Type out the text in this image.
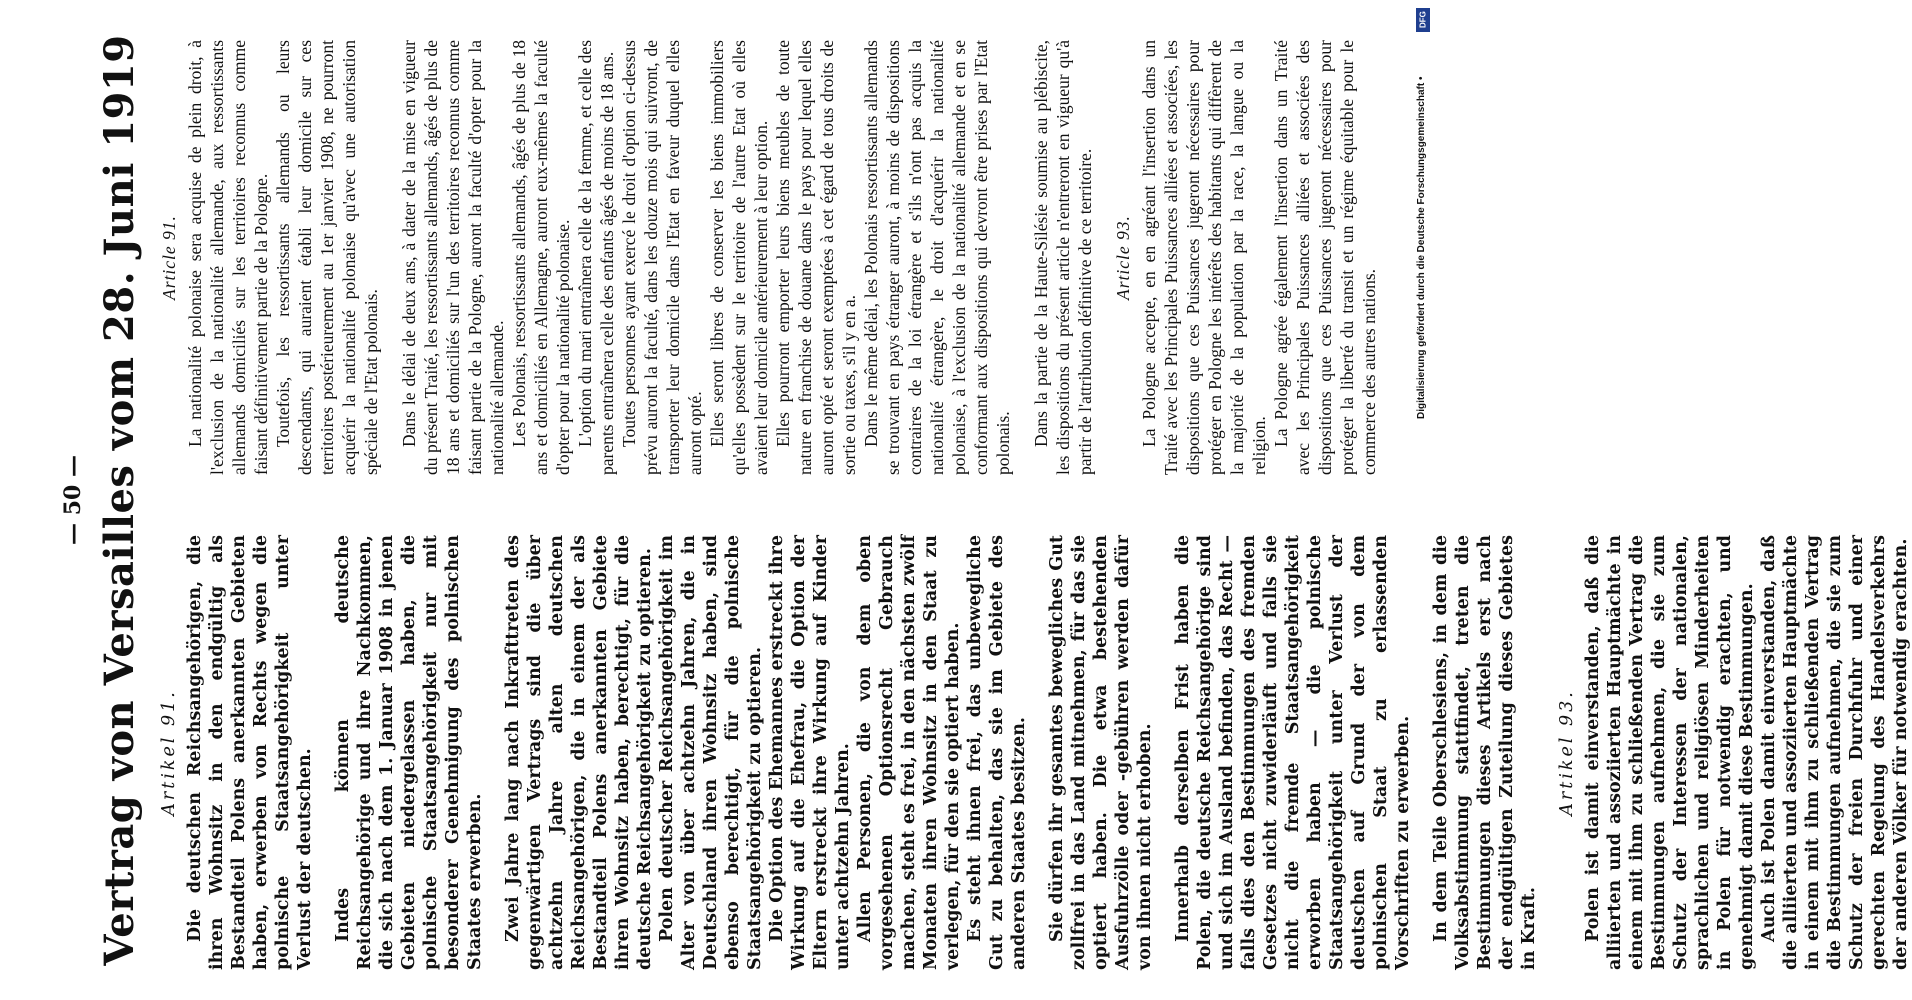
— 50 — Vertrag von Versailles vom 28. Juni 1919 Artikel 91. Die deutschen Reichsangehörigen, die ihren Wohnsitz in den endgültig als Bestandteil Polens anerkannten Gebieten haben, erwerben von Rechts wegen die polnische Staatsangehörigkeit unter Verlust der deutschen. Indes können deutsche Reichsangehörige und ihre Nachkommen, die sich nach dem 1. Januar 1908 in jenen Gebieten niedergelassen haben, die polnische Staatsangehörigkeit nur mit besonderer Genehmigung des polnischen Staates erwerben. Zwei Jahre lang nach Inkrafttreten des gegenwärtigen Vertrags sind die über achtzehn Jahre alten deutschen Reichsangehörigen, die in einem der als Bestandteil Polens anerkannten Gebiete ihren Wohnsitz haben, berechtigt, für die deutsche Reichsangehörigkeit zu optieren. Polen deutscher Reichsangehörigkeit im Alter von über achtzehn Jahren, die in Deutschland ihren Wohnsitz haben, sind ebenso berechtigt, für die polnische Staatsangehörigkeit zu optieren. Die Option des Ehemannes erstreckt ihre Wirkung auf die Ehefrau, die Option der Eltern erstreckt ihre Wirkung auf Kinder unter achtzehn Jahren. Allen Personen, die von dem oben vorgesehenen Optionsrecht Gebrauch machen, steht es frei, in den nächsten zwölf Monaten ihren Wohnsitz in den Staat zu verlegen, für den sie optiert haben. Es steht ihnen frei, das unbewegliche Gut zu behalten, das sie im Gebiete des anderen Staates besitzen. Sie dürfen ihr gesamtes bewegliches Gut zollfrei in das Land mitnehmen, für das sie optiert haben. Die etwa bestehenden Ausfuhrzölle oder -gebühren werden dafür von ihnen nicht erhoben. Innerhalb derselben Frist haben die Polen, die deutsche Reichsangehörige sind und sich im Ausland befinden, das Recht — falls dies den Bestimmungen des fremden Gesetzes nicht zuwiderläuft und falls sie nicht die fremde Staatsangehörigkeit erworben haben — die polnische Staatsangehörigkeit unter Verlust der deutschen auf Grund der von dem polnischen Staat zu erlassenden Vorschriften zu erwerben. In dem Teile Oberschlesiens, in dem die Volksabstimmung stattfindet, treten die Bestimmungen dieses Artikels erst nach der endgültigen Zuteilung dieses Gebietes in Kraft.

Artikel 93. Polen ist damit einverstanden, daß die alliierten und assoziierten Hauptmächte in einem mit ihm zu schließenden Vertrag die Bestimmungen aufnehmen, die sie zum Schutz der Interessen der nationalen, sprachlichen und religiösen Minderheiten in Polen für notwendig erachten, und genehmigt damit diese Bestimmungen. Auch ist Polen damit einverstanden, daß die alliierten und assoziierten Hauptmächte in einem mit ihm zu schließenden Vertrag die Bestimmungen aufnehmen, die sie zum Schutz der freien Durchfuhr und einer gerechten Regelung des Handelsverkehrs der anderen Völker für notwendig erachten.

Article 91. La nationalité polonaise sera acquise de plein droit, à l'exclusion de la nationalité allemande, aux ressortissants allemands domiciliés sur les territoires reconnus comme faisant définitivement partie de la Pologne. Toutefois, les ressortissants allemands ou leurs descendants, qui auraient établi leur domicile sur ces territoires postérieurement au 1er janvier 1908, ne pourront acquérir la nationalité polonaise qu'avec une autorisation spéciale de l'Etat polonais. Dans le délai de deux ans, à dater de la mise en vigueur du présent Traité, les ressortissants allemands, âgés de plus de 18 ans et domiciliés sur l'un des territoires reconnus comme faisant partie de la Pologne, auront la faculté d'opter pour la nationalité allemande. Les Polonais, ressortissants allemands, âgés de plus de 18 ans et domiciliés en Allemagne, auront eux-mêmes la faculté d'opter pour la nationalité polonaise. L'option du mari entraînera celle de la femme, et celle des parents entraînera celle des enfants âgés de moins de 18 ans. Toutes personnes ayant exercé le droit d'option ci-dessus prévu auront la faculté, dans les douze mois qui suivront, de transporter leur domicile dans l'Etat en faveur duquel elles auront opté. Elles seront libres de conserver les biens immobiliers qu'elles possèdent sur le territoire de l'autre Etat où elles avaient leur domicile antérieurement à leur option. Elles pourront emporter leurs biens meubles de toute nature en franchise de douane dans le pays pour lequel elles auront opté et seront exemptées à cet égard de tous droits de sortie ou taxes, s'il y en a. Dans le même délai, les Polonais ressortissants allemands se trouvant en pays étranger auront, à moins de dispositions contraires de la loi étrangère et s'ils n'ont pas acquis la nationalité étrangère, le droit d'acquérir la nationalité polonaise, à l'exclusion de la nationalité allemande et en se conformant aux dispositions qui devront être prises par l'Etat polonais. Dans la partie de la Haute-Silésie soumise au plébiscite, les dispositions du présent article n'entreront en vigueur qu'à partir de l'attribution définitive de ce territoire. Article 93. La Pologne accepte, en en agréant l'insertion dans un Traité avec les Principales Puissances alliées et associées, les dispositions que ces Puissances jugeront nécessaires pour protéger en Pologne les intérêts des habitants qui diffèrent de la majorité de la population par la race, la langue ou la religion. La Pologne agrée également l'insertion dans un Traité avec les Principales Puissances alliées et associées des dispositions que ces Puissances jugeront nécessaires pour protéger la liberté du transit et un régime équitable pour le commerce des autres nations.

DFG
Digitalisierung gefördert durch die Deutsche Forschungsgemeinschaft •
